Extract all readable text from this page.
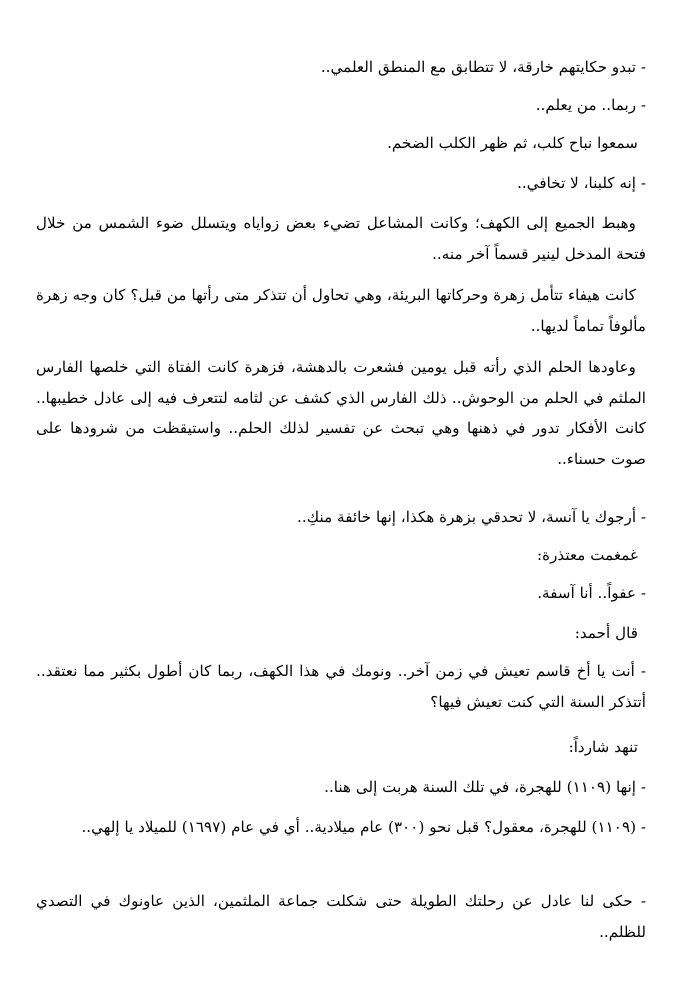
- تبدو حكايتهم خارقة، لا تتطابق مع المنطق العلمي..

- ربما.. من يعلم..

سمعوا نباح كلب، ثم ظهر الكلب الضخم.

- إنه كلبنا، لا تخافي..

وهبط الجميع إلى الكهف؛ وكانت المشاعل تضيء بعض زواياه ويتسلل ضوء الشمس من خلال فتحة المدخل لينير قسماً آخر منه..

كانت هيفاء تتأمل زهرة وحركاتها البريئة، وهي تحاول أن تتذكر متى رأتها من قبل؟ كان وجه زهرة مألوفاً تماماً لديها..

وعاودها الحلم الذي رأته قبل يومين فشعرت بالدهشة، فزهرة كانت الفتاة التي خلصها الفارس الملثم في الحلم من الوحوش.. ذلك الفارس الذي كشف عن لثامه لتتعرف فيه إلى عادل خطيبها.. كانت الأفكار تدور في ذهنها وهي تبحث عن تفسير لذلك الحلم.. واستيقظت من شرودها على صوت حسناء..

- أرجوك يا آنسة، لا تحدقي بزهرة هكذا، إنها خائفة منكِ..

غمغمت معتذرة:

- عفواً.. أنا آسفة.

قال أحمد:

- أنت يا أخ قاسم تعيش في زمن آخر.. ونومك في هذا الكهف، ربما كان أطول بكثير مما نعتقد.. أتتذكر السنة التي كنت تعيش فيها؟

تنهد شارداً:

- إنها (١١٠٩) للهجرة، في تلك السنة هربت إلى هنا..

- (١١٠٩) للهجرة، معقول؟ قبل نحو (٣٠٠) عام ميلادية.. أي في عام (١٦٩٧) للميلاد يا إلهي..

- حكى لنا عادل عن رحلتك الطويلة حتى شكلت جماعة الملثمين، الذين عاونوك في التصدي للظلم..
